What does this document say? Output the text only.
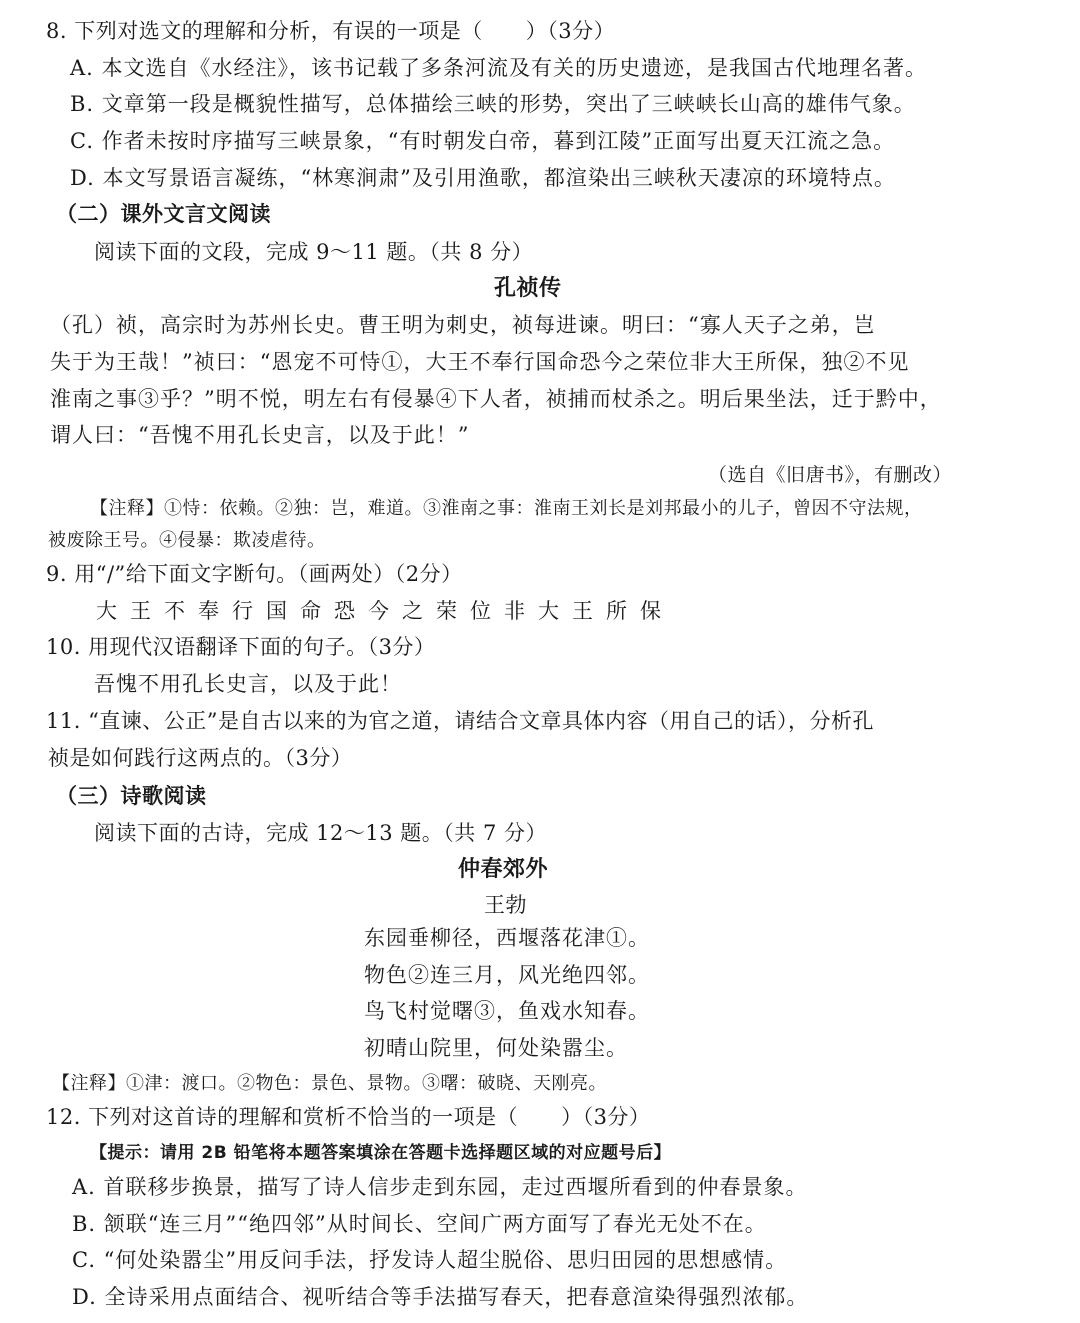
8. 下列对选文的理解和分析，有误的一项是（　　）（3分）
A. 本文选自《水经注》，该书记载了多条河流及有关的历史遗迹，是我国古代地理名著。
B. 文章第一段是概貌性描写，总体描绘三峡的形势，突出了三峡峡长山高的雄伟气象。
C. 作者未按时序描写三峡景象，“有时朝发白帝，暮到江陵”正面写出夏天江流之急。
D. 本文写景语言凝练，“林寒涧肃”及引用渔歌，都渲染出三峡秋天凄凉的环境特点。
（二）课外文言文阅读
阅读下面的文段，完成 9～11 题。（共 8 分）
孔祯传
（孔）祯，高宗时为苏州长史。曹王明为刺史，祯每进谏。明曰：“寡人天子之弟，岂
失于为王哉！”祯曰：“恩宠不可恃①，大王不奉行国命恐今之荣位非大王所保，独②不见
淮南之事③乎？”明不悦，明左右有侵暴④下人者，祯捕而杖杀之。明后果坐法，迁于黔中，
谓人曰：“吾愧不用孔长史言，以及于此！”
（选自《旧唐书》，有删改）
【注释】①恃：依赖。②独：岂，难道。③淮南之事：淮南王刘长是刘邦最小的儿子，曾因不守法规，
被废除王号。④侵暴：欺凌虐待。
9. 用“/”给下面文字断句。（画两处）（2分）
大王不奉行国命恐今之荣位非大王所保
10. 用现代汉语翻译下面的句子。（3分）
吾愧不用孔长史言，以及于此！
11. “直谏、公正”是自古以来的为官之道，请结合文章具体内容（用自己的话），分析孔
祯是如何践行这两点的。（3分）
（三）诗歌阅读
阅读下面的古诗，完成 12～13 题。（共 7 分）
仲春郊外
王勃
东园垂柳径，西堰落花津①。
物色②连三月，风光绝四邻。
鸟飞村觉曙③，鱼戏水知春。
初晴山院里，何处染嚣尘。
【注释】①津：渡口。②物色：景色、景物。③曙：破晓、天刚亮。
12. 下列对这首诗的理解和赏析不恰当的一项是（　　）（3分）
【提示：请用 2B 铅笔将本题答案填涂在答题卡选择题区域的对应题号后】
A. 首联移步换景，描写了诗人信步走到东园，走过西堰所看到的仲春景象。
B. 颔联“连三月”“绝四邻”从时间长、空间广两方面写了春光无处不在。
C. “何处染嚣尘”用反问手法，抒发诗人超尘脱俗、思归田园的思想感情。
D. 全诗采用点面结合、视听结合等手法描写春天，把春意渲染得强烈浓郁。
